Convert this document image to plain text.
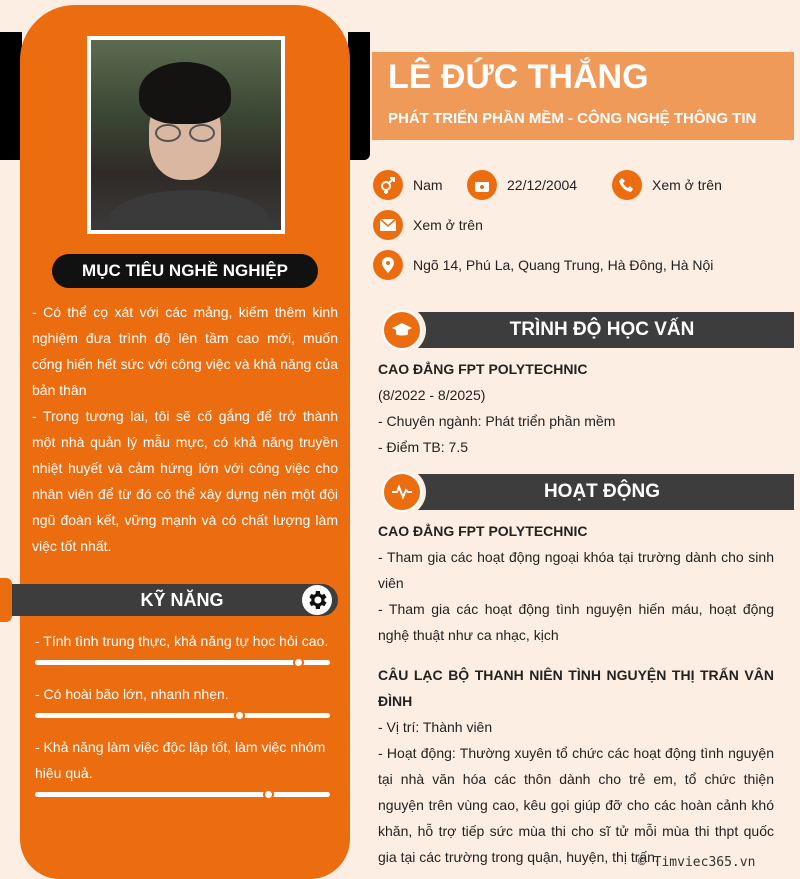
MỤC TIÊU NGHỀ NGHIỆP

- Có thể cọ xát với các mảng, kiếm thêm kinh nghiệm đưa trình độ lên tầm cao mới, muốn cống hiến hết sức với công việc và khả năng của bản thân

- Trong tương lai, tôi sẽ cố gắng để trở thành một nhà quản lý mẫu mực, có khả năng truyền nhiệt huyết và cảm hứng lớn với công việc cho nhân viên để từ đó có thể xây dựng nên một đội ngũ đoàn kết, vững mạnh và có chất lượng làm việc tốt nhất.

KỸ NĂNG
- Tính tình trung thực, khả năng tự học hỏi cao.
- Có hoài bão lớn, nhanh nhẹn.
- Khả năng làm việc độc lập tốt, làm việc nhóm hiệu quả.
LÊ ĐỨC THẮNG
PHÁT TRIỂN PHẦN MỀM - CÔNG NGHỆ THÔNG TIN
Nam	22/12/2004	Xem ở trên
Xem ở trên
Ngõ 14, Phú La, Quang Trung, Hà Đông, Hà Nội
TRÌNH ĐỘ HỌC VẤN
CAO ĐẲNG FPT POLYTECHNIC
(8/2022 - 8/2025)
- Chuyên ngành: Phát triển phần mềm
- Điểm TB: 7.5
HOẠT ĐỘNG
CAO ĐẲNG FPT POLYTECHNIC
- Tham gia các hoạt động ngoại khóa tại trường dành cho sinh viên
- Tham gia các hoạt động tình nguyện hiến máu, hoạt động nghệ thuật như ca nhạc, kịch
CÂU LẠC BỘ THANH NIÊN TÌNH NGUYỆN THỊ TRẤN VÂN ĐÌNH
- Vị trí: Thành viên
- Hoạt động: Thường xuyên tổ chức các hoạt động tình nguyện tại nhà văn hóa các thôn dành cho trẻ em, tổ chức thiện nguyện trên vùng cao, kêu gọi giúp đỡ cho các hoàn cảnh khó khăn, hỗ trợ tiếp sức mùa thi cho sĩ tử mỗi mùa thi thpt quốc gia tại các trường trong quận, huyện, thị trấn.
© Timviec365.vn
